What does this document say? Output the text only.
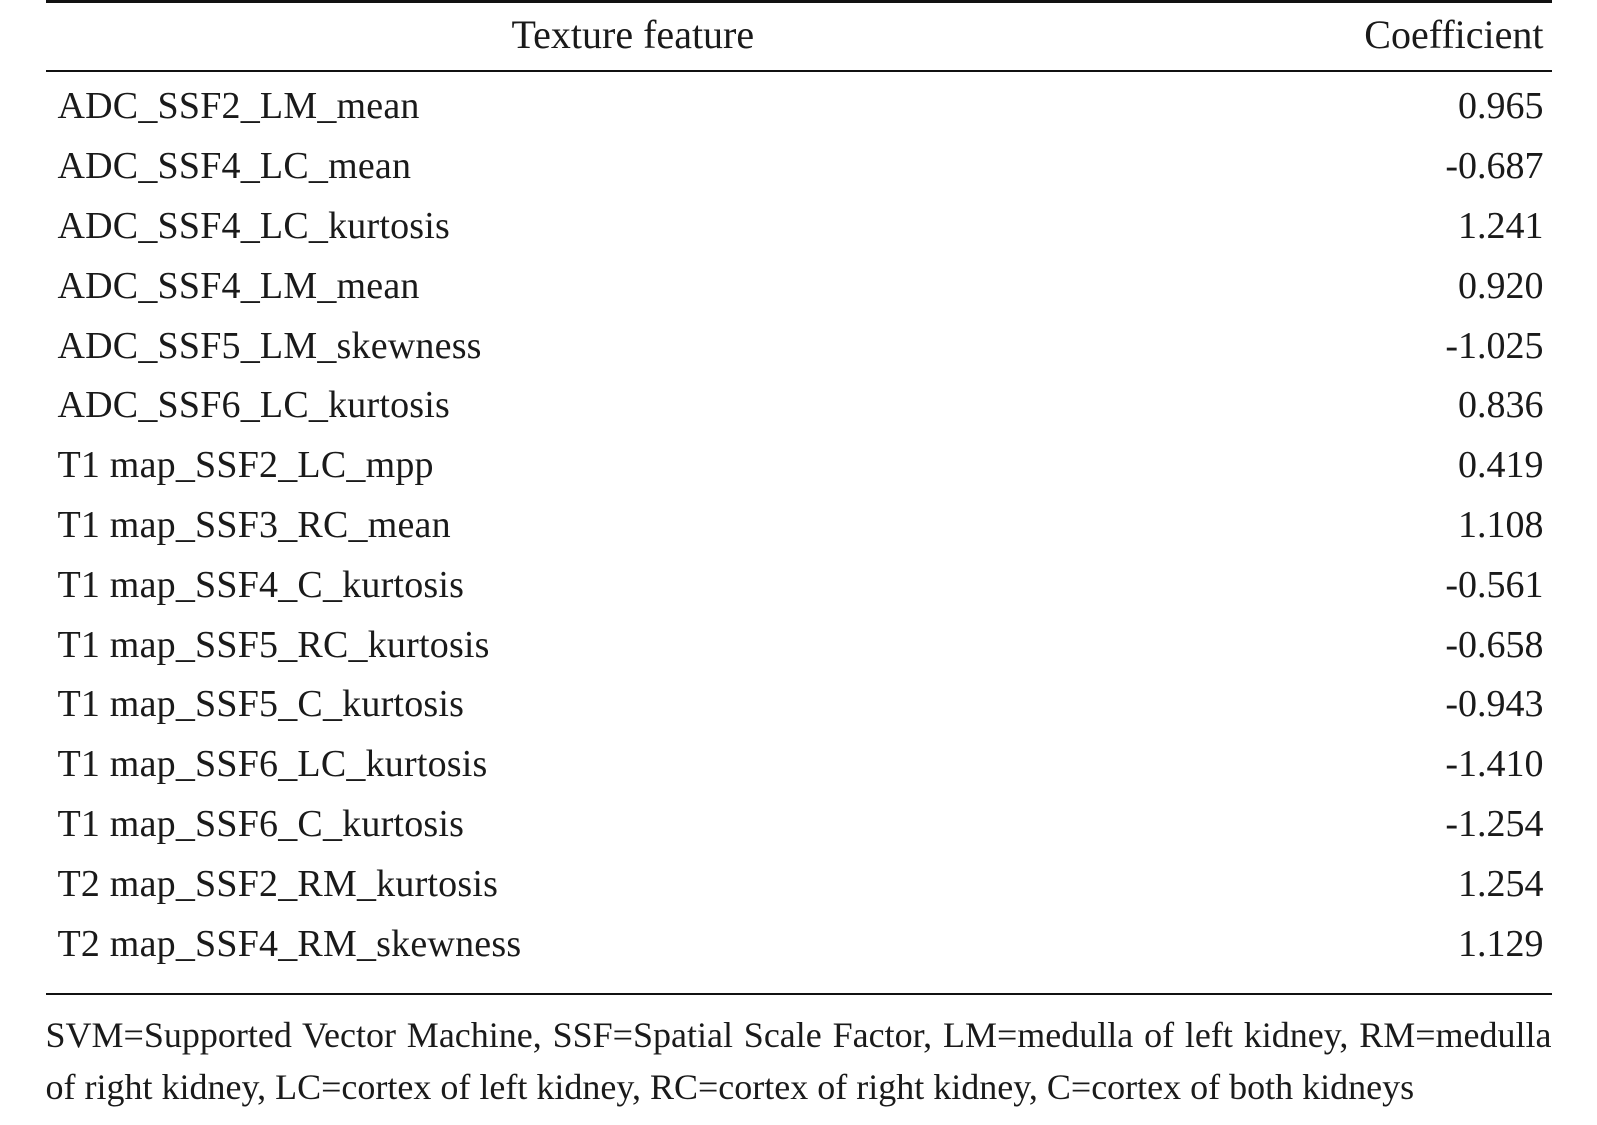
Texture feature	Coefficient
ADC_SSF2_LM_mean	0.965
ADC_SSF4_LC_mean	-0.687
ADC_SSF4_LC_kurtosis	1.241
ADC_SSF4_LM_mean	0.920
ADC_SSF5_LM_skewness	-1.025
ADC_SSF6_LC_kurtosis	0.836
T1 map_SSF2_LC_mpp	0.419
T1 map_SSF3_RC_mean	1.108
T1 map_SSF4_C_kurtosis	-0.561
T1 map_SSF5_RC_kurtosis	-0.658
T1 map_SSF5_C_kurtosis	-0.943
T1 map_SSF6_LC_kurtosis	-1.410
T1 map_SSF6_C_kurtosis	-1.254
T2 map_SSF2_RM_kurtosis	1.254
T2 map_SSF4_RM_skewness	1.129

SVM=Supported Vector Machine, SSF=Spatial Scale Factor, LM=medulla of left kidney, RM=medulla of right kidney, LC=cortex of left kidney, RC=cortex of right kidney, C=cortex of both kidneys
